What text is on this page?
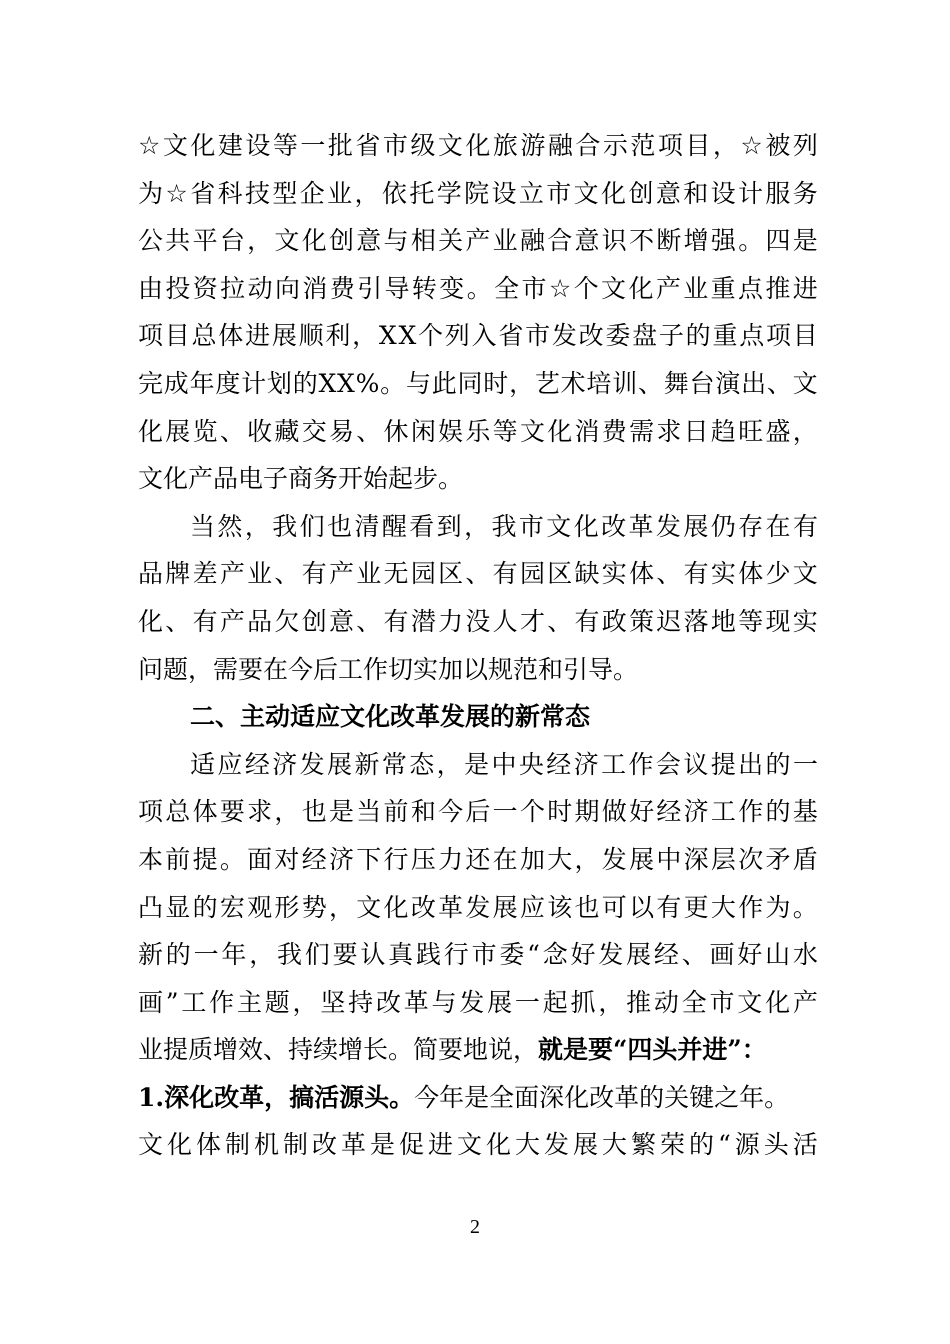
☆ 文 化 建 设 等 一 批 省 市 级 文 化 旅 游 融 合 示 范 项 目 ， ☆ 被 列
为 ☆ 省 科 技 型 企 业 ， 依 托 学 院 设 立 市 文 化 创 意 和 设 计 服 务
公 共 平 台 ， 文 化 创 意 与 相 关 产 业 融 合 意 识 不 断 增 强 。 四 是
由 投 资 拉 动 向 消 费 引 导 转 变 。 全 市 ☆ 个 文 化 产 业 重 点 推 进
项 目 总 体 进 展 顺 利 ， X X 个 列 入 省 市 发 改 委 盘 子 的 重 点 项 目
完 成 年 度 计 划 的 X X % 。 与 此 同 时 ， 艺 术 培 训 、 舞 台 演 出 、 文
化 展 览 、 收 藏 交 易 、 休 闲 娱 乐 等 文 化 消 费 需 求 日 趋 旺 盛 ，
文化产品电子商务开始起步。
当 然 ， 我 们 也 清 醒 看 到 ， 我 市 文 化 改 革 发 展 仍 存 在 有
品 牌 差 产 业 、 有 产 业 无 园 区 、 有 园 区 缺 实 体 、 有 实 体 少 文
化 、 有 产 品 欠 创 意 、 有 潜 力 没 人 才 、 有 政 策 迟 落 地 等 现 实
问题，需要在今后工作切实加以规范和引导。
二、主动适应文化改革发展的新常态
适 应 经 济 发 展 新 常 态 ， 是 中 央 经 济 工 作 会 议 提 出 的 一
项 总 体 要 求 ， 也 是 当 前 和 今 后 一 个 时 期 做 好 经 济 工 作 的 基
本 前 提 。 面 对 经 济 下 行 压 力 还 在 加 大 ， 发 展 中 深 层 次 矛 盾
凸 显 的 宏 观 形 势 ， 文 化 改 革 发 展 应 该 也 可 以 有 更 大 作 为 。
新 的 一 年 ， 我 们 要 认 真 践 行 市 委 “ 念 好 发 展 经 、 画 好 山 水
画 ” 工 作 主 题 ， 坚 持 改 革 与 发 展 一 起 抓 ， 推 动 全 市 文 化 产
业提质增效、持续增长。简要地说， 就是要“四头并进”：
1.深化改革，搞活源头。 今年是全面深化改革的关键之年。
文 化 体 制 机 制 改 革 是 促 进 文 化 大 发 展 大 繁 荣 的 “ 源 头 活
2
